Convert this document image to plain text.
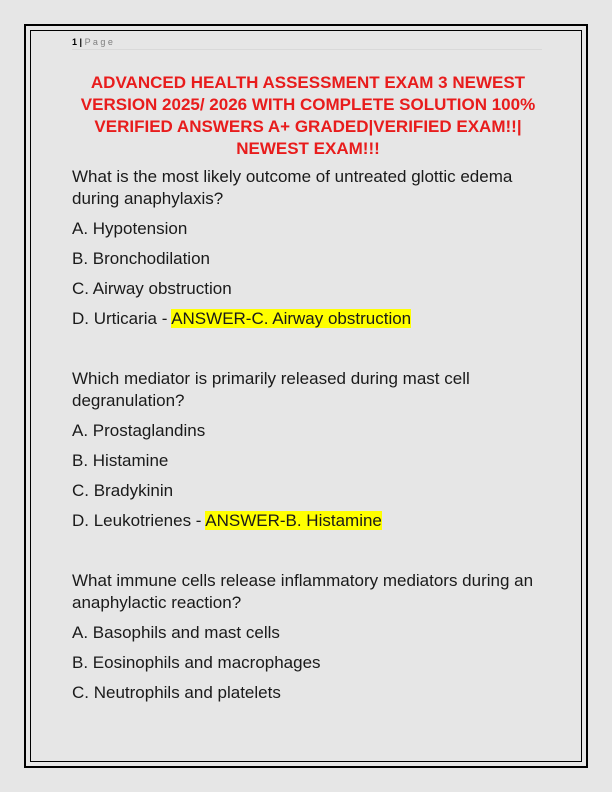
1 | P a g e

ADVANCED HEALTH ASSESSMENT EXAM 3 NEWEST VERSION 2025/ 2026 WITH COMPLETE SOLUTION 100% VERIFIED ANSWERS A+ GRADED|VERIFIED EXAM!!| NEWEST EXAM!!!

What is the most likely outcome of untreated glottic edema during anaphylaxis?

A. Hypotension

B. Bronchodilation

C. Airway obstruction

D. Urticaria - ANSWER-C. Airway obstruction

Which mediator is primarily released during mast cell degranulation?

A. Prostaglandins

B. Histamine

C. Bradykinin

D. Leukotrienes - ANSWER-B. Histamine

What immune cells release inflammatory mediators during an anaphylactic reaction?

A. Basophils and mast cells

B. Eosinophils and macrophages

C. Neutrophils and platelets
